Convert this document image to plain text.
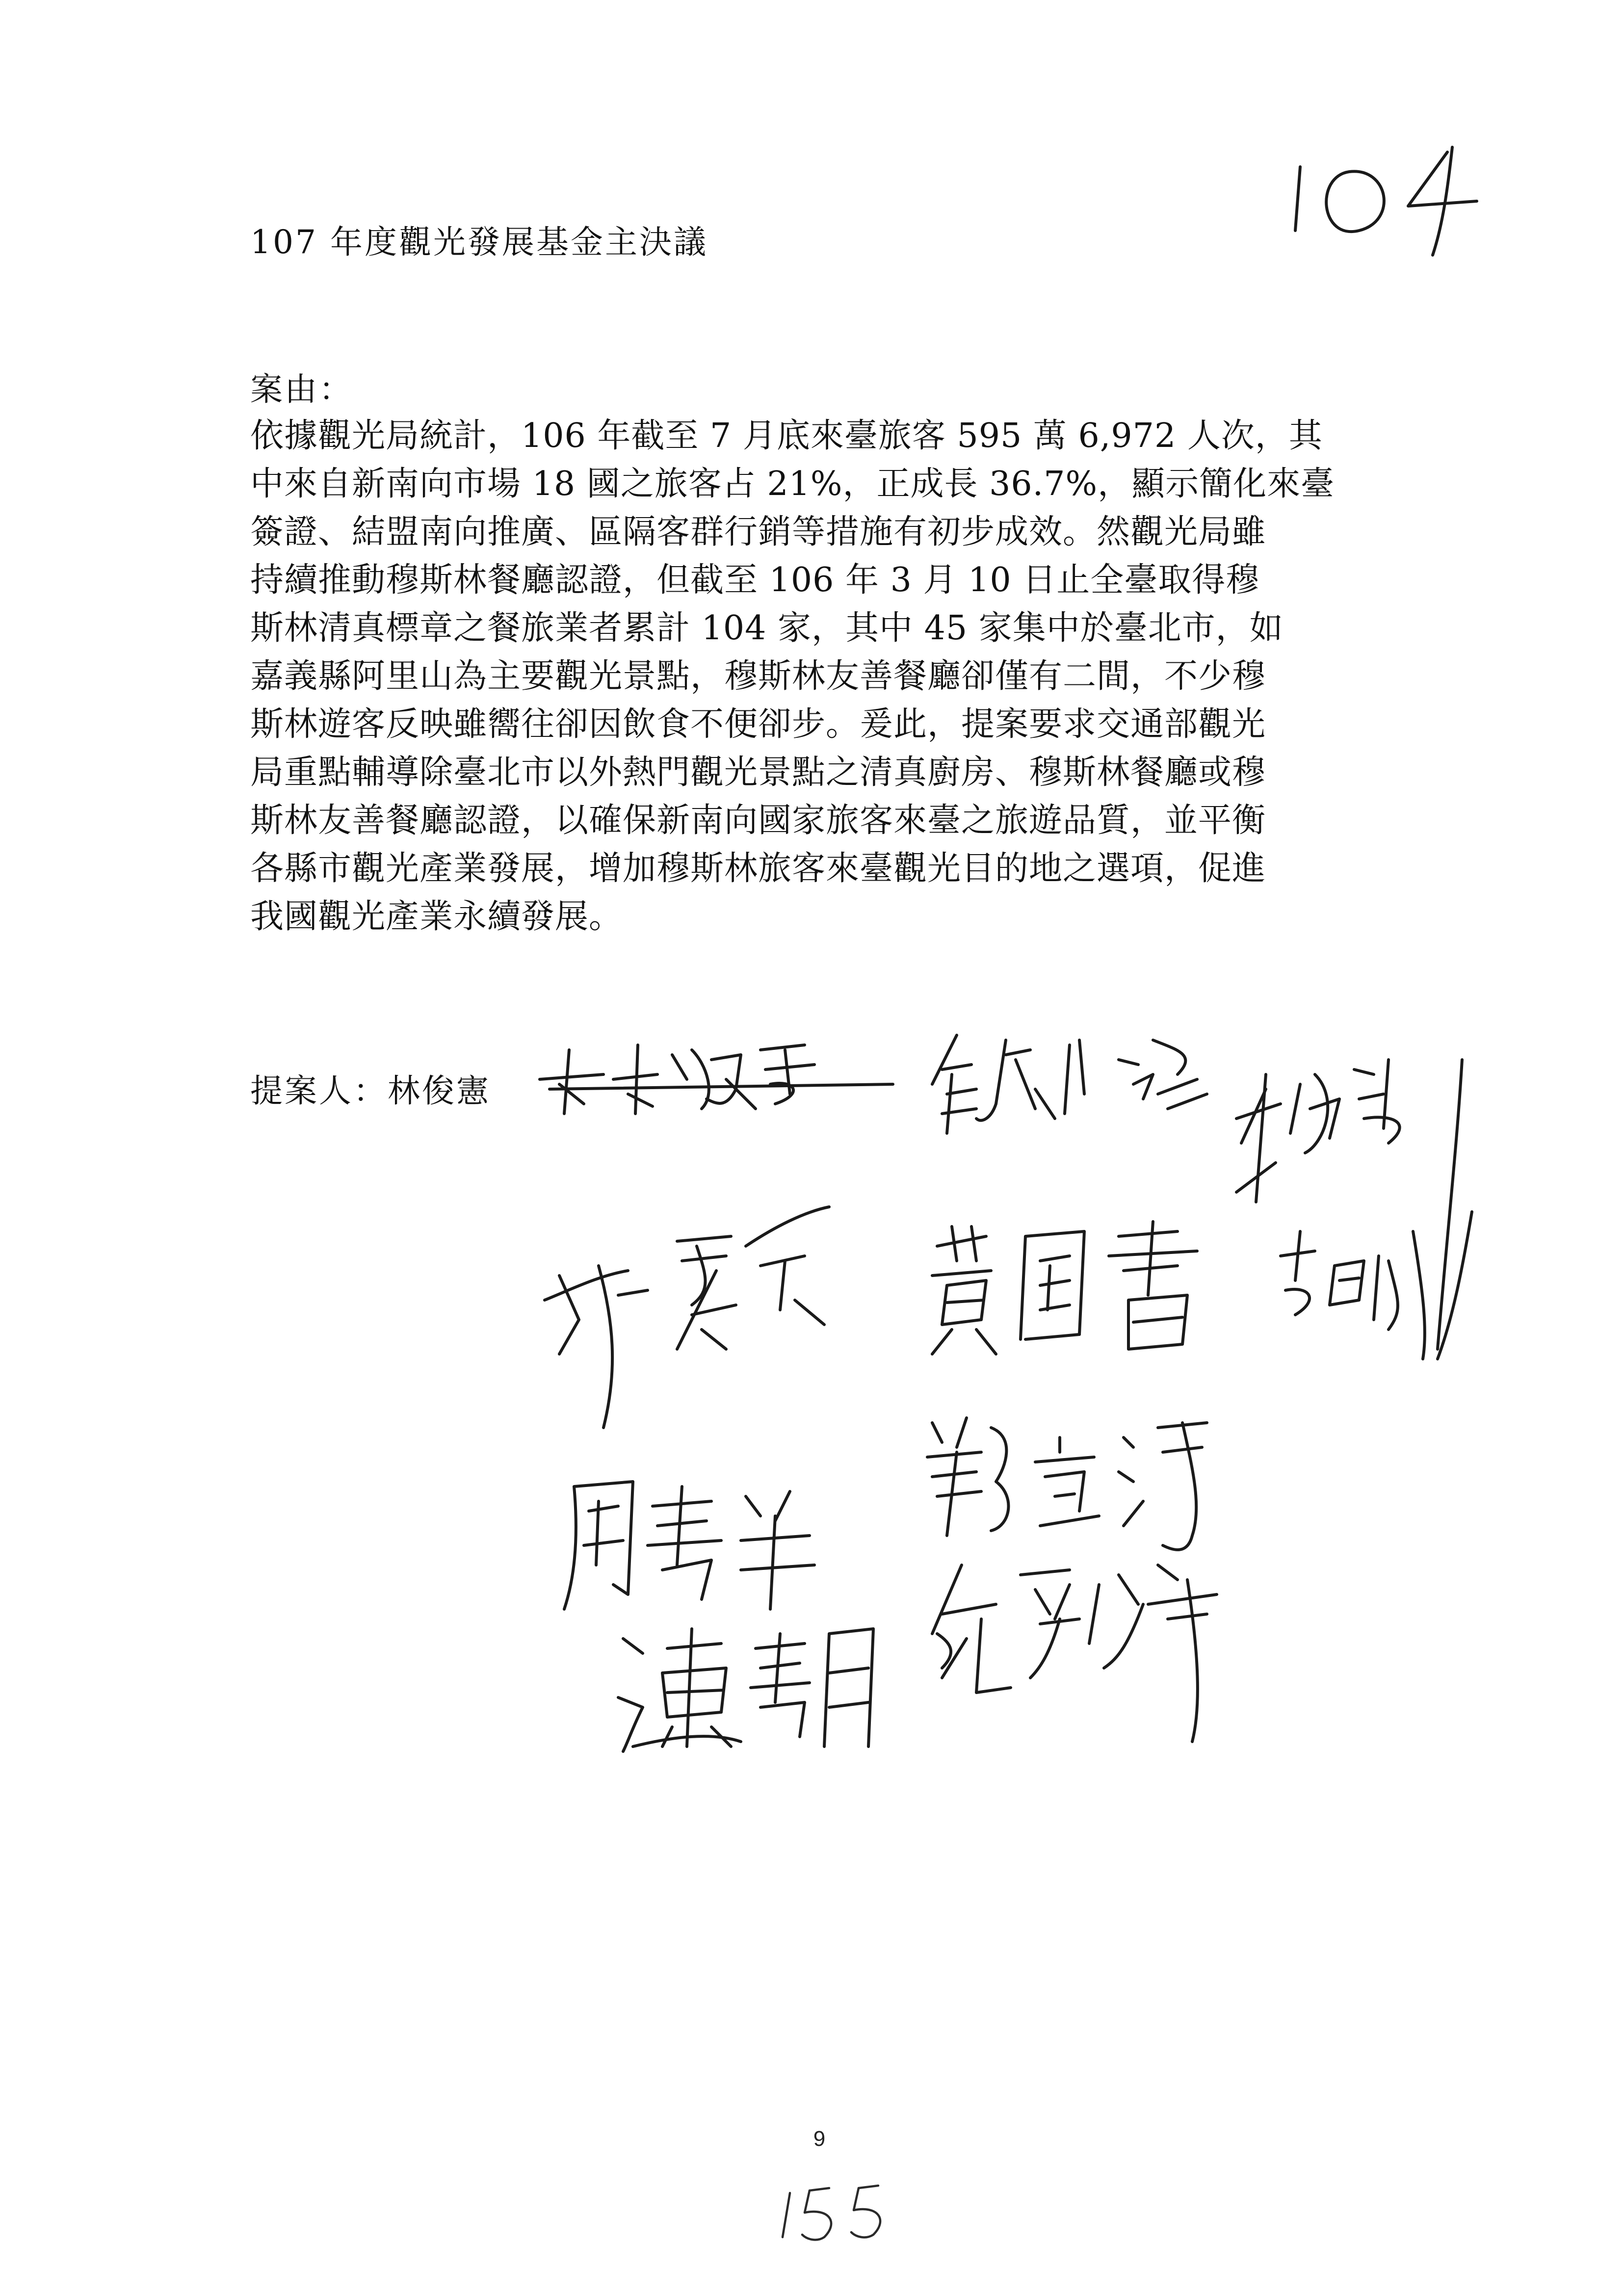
107 年度觀光發展基金主決議
案由：
依據觀光局統計，106 年截至 7 月底來臺旅客 595 萬 6,972 人次，其
中來自新南向市場 18 國之旅客占 21%，正成長 36.7%，顯示簡化來臺
簽證、結盟南向推廣、區隔客群行銷等措施有初步成效。然觀光局雖
持續推動穆斯林餐廳認證，但截至 106 年 3 月 10 日止全臺取得穆
斯林清真標章之餐旅業者累計 104 家，其中 45 家集中於臺北市，如
嘉義縣阿里山為主要觀光景點，穆斯林友善餐廳卻僅有二間，不少穆
斯林遊客反映雖嚮往卻因飲食不便卻步。爰此，提案要求交通部觀光
局重點輔導除臺北市以外熱門觀光景點之清真廚房、穆斯林餐廳或穆
斯林友善餐廳認證，以確保新南向國家旅客來臺之旅遊品質，並平衡
各縣市觀光產業發展，增加穆斯林旅客來臺觀光目的地之選項，促進
我國觀光產業永續發展。
提案人：林俊憲
9
